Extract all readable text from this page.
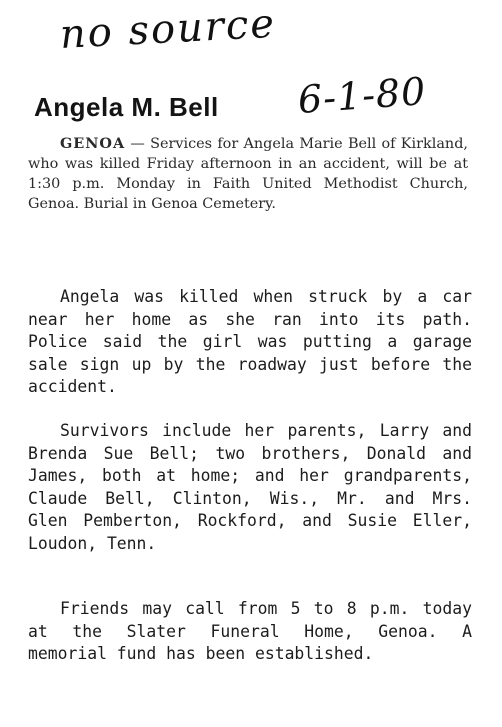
no source
6-1-80
Angela M. Bell
GENOA — Services for Angela Marie Bell of Kirkland, who was killed Friday afternoon in an accident, will be at 1:30 p.m. Monday in Faith United Methodist Church, Genoa. Burial in Genoa Cemetery.
Angela was killed when struck by a car near her home as she ran into its path. Police said the girl was putting a garage sale sign up by the roadway just before the accident.
Survivors include her parents, Larry and Brenda Sue Bell; two brothers, Donald and James, both at home; and her grandparents, Claude Bell, Clinton, Wis., Mr. and Mrs. Glen Pemberton, Rockford, and Susie Eller, Loudon, Tenn.
Friends may call from 5 to 8 p.m. today at the Slater Funeral Home, Genoa. A memorial fund has been established.
